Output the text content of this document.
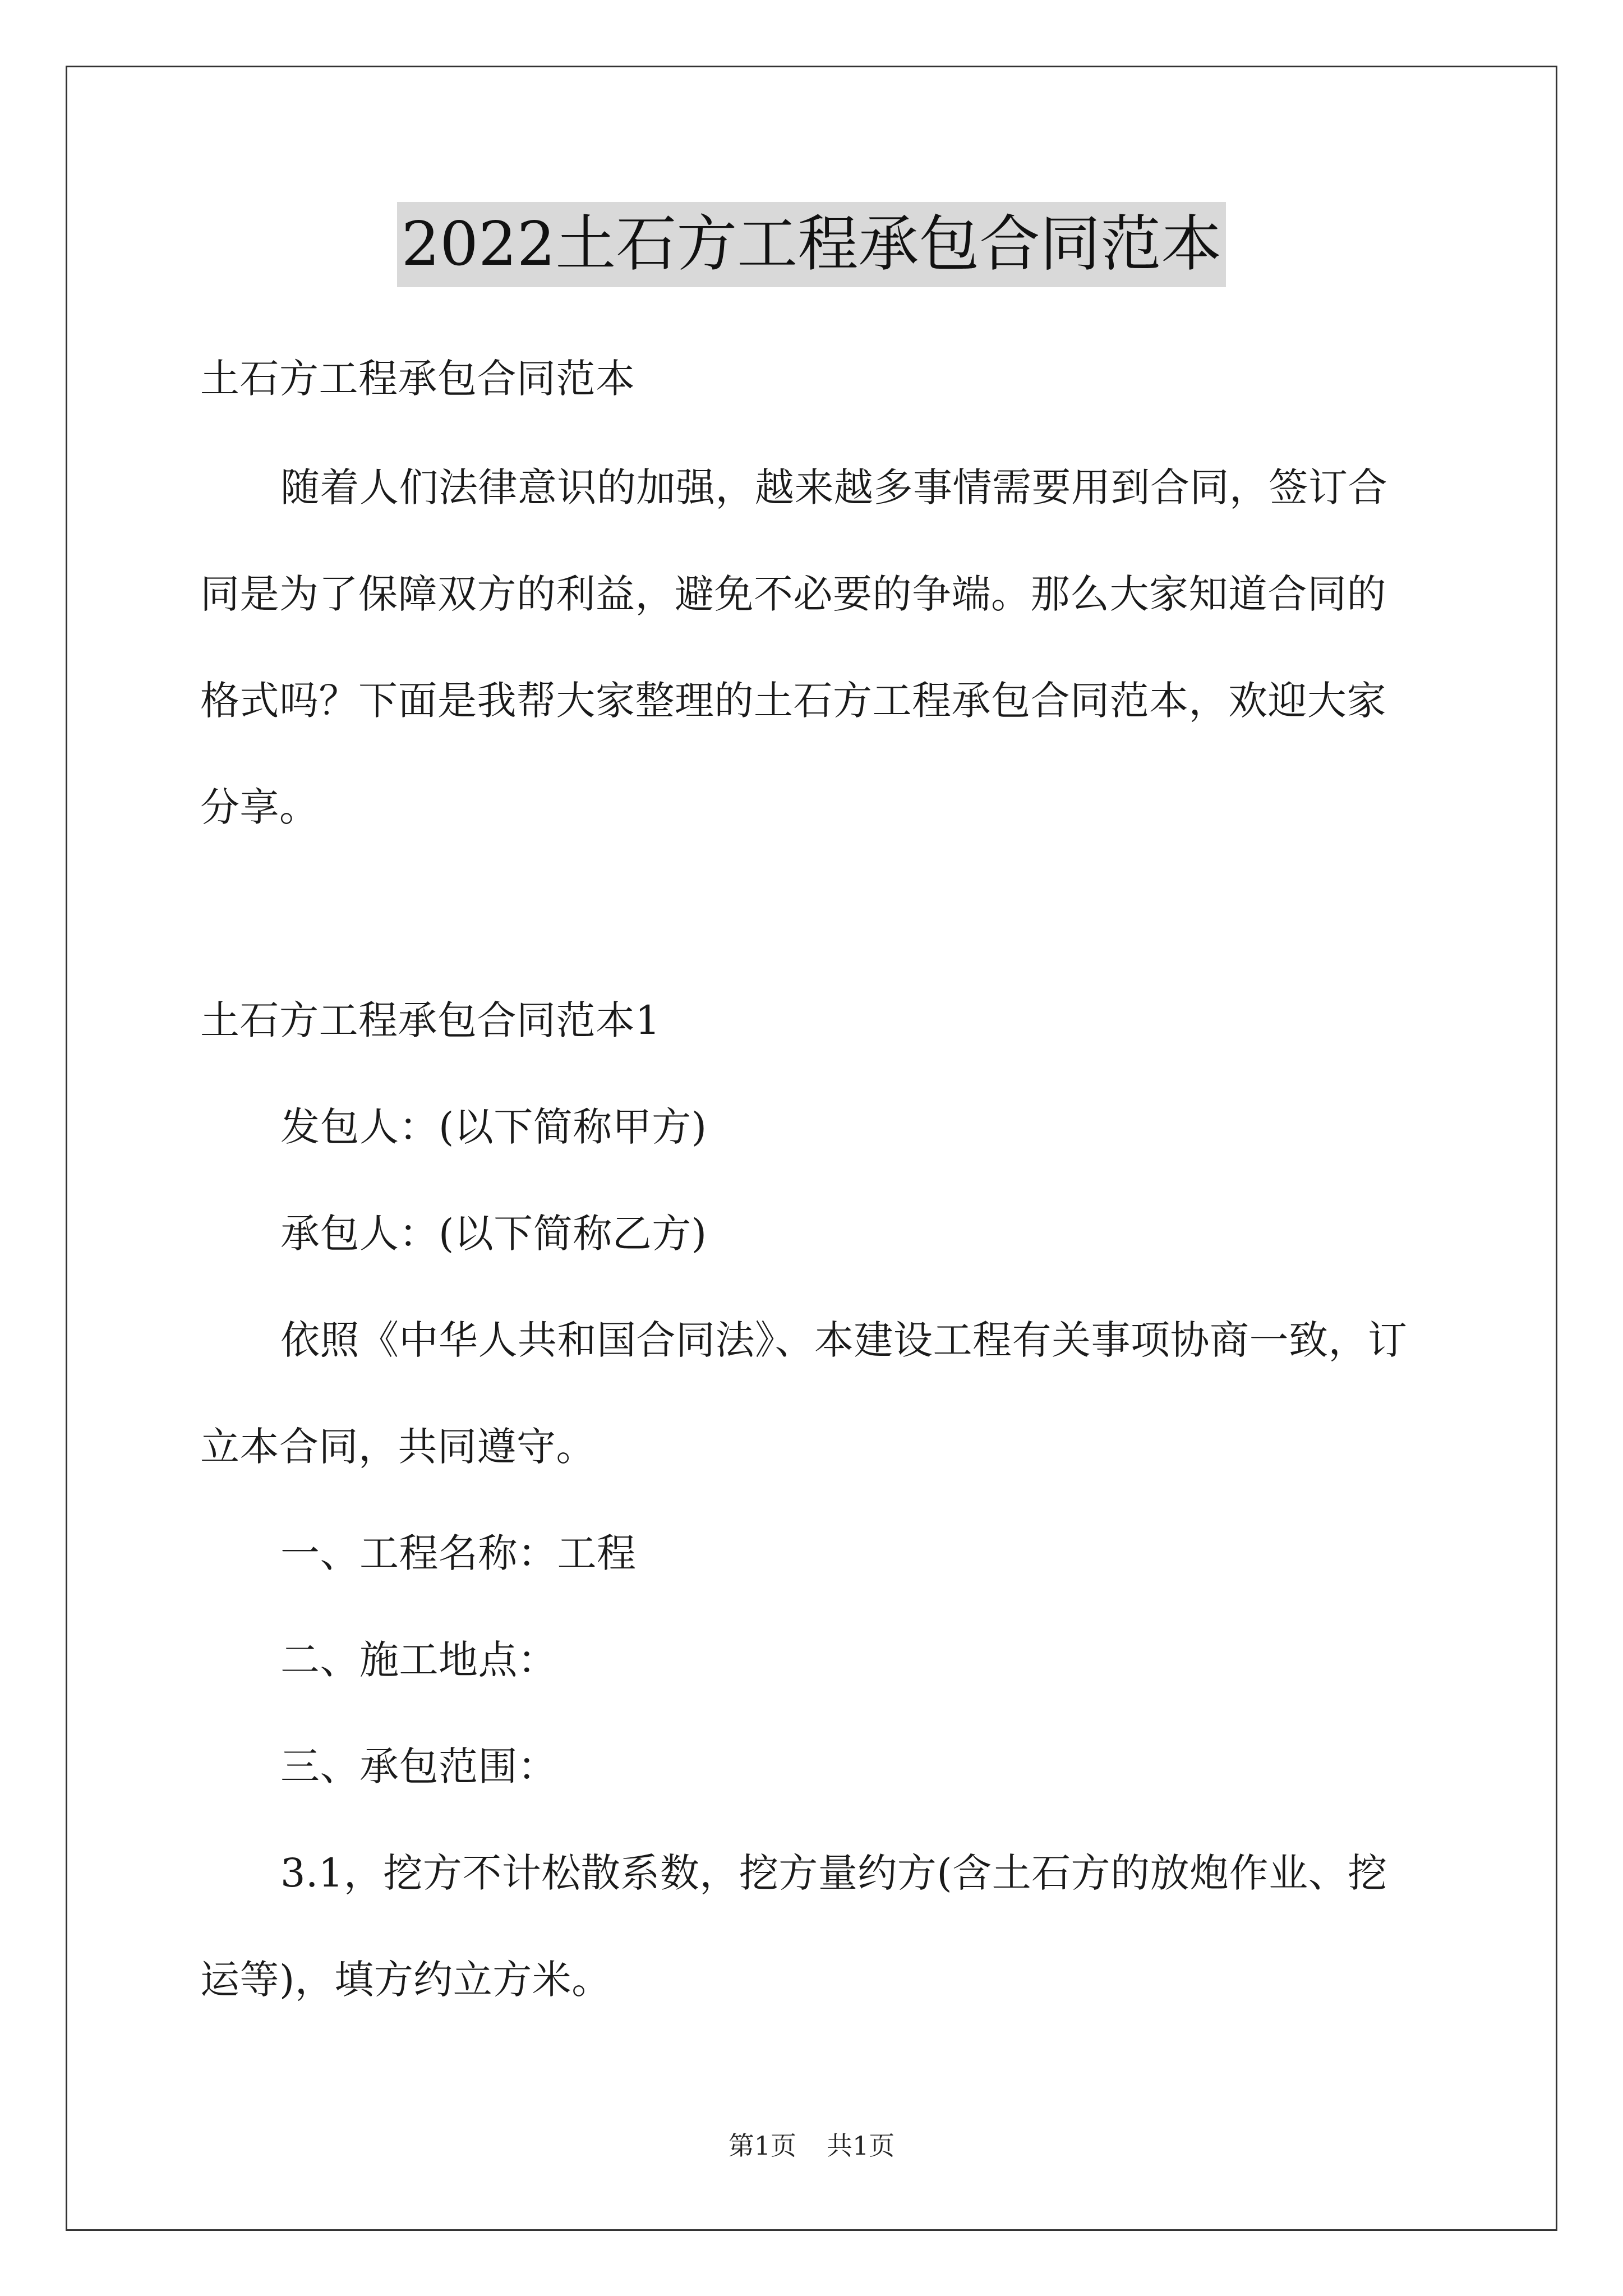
2022土石方工程承包合同范本
土石方工程承包合同范本
随着人们法律意识的加强，越来越多事情需要用到合同，签订合
同是为了保障双方的利益，避免不必要的争端。那么大家知道合同的
格式吗？下面是我帮大家整理的土石方工程承包合同范本，欢迎大家
分享。
土石方工程承包合同范本1
发包人：(以下简称甲方)
承包人：(以下简称乙方)
依照《中华人共和国合同法》、本建设工程有关事项协商一致，订
立本合同，共同遵守。
一、工程名称：工程
二、施工地点：
三、承包范围：
3.1，挖方不计松散系数，挖方量约方(含土石方的放炮作业、挖
运等)，填方约立方米。
第1页 共1页
